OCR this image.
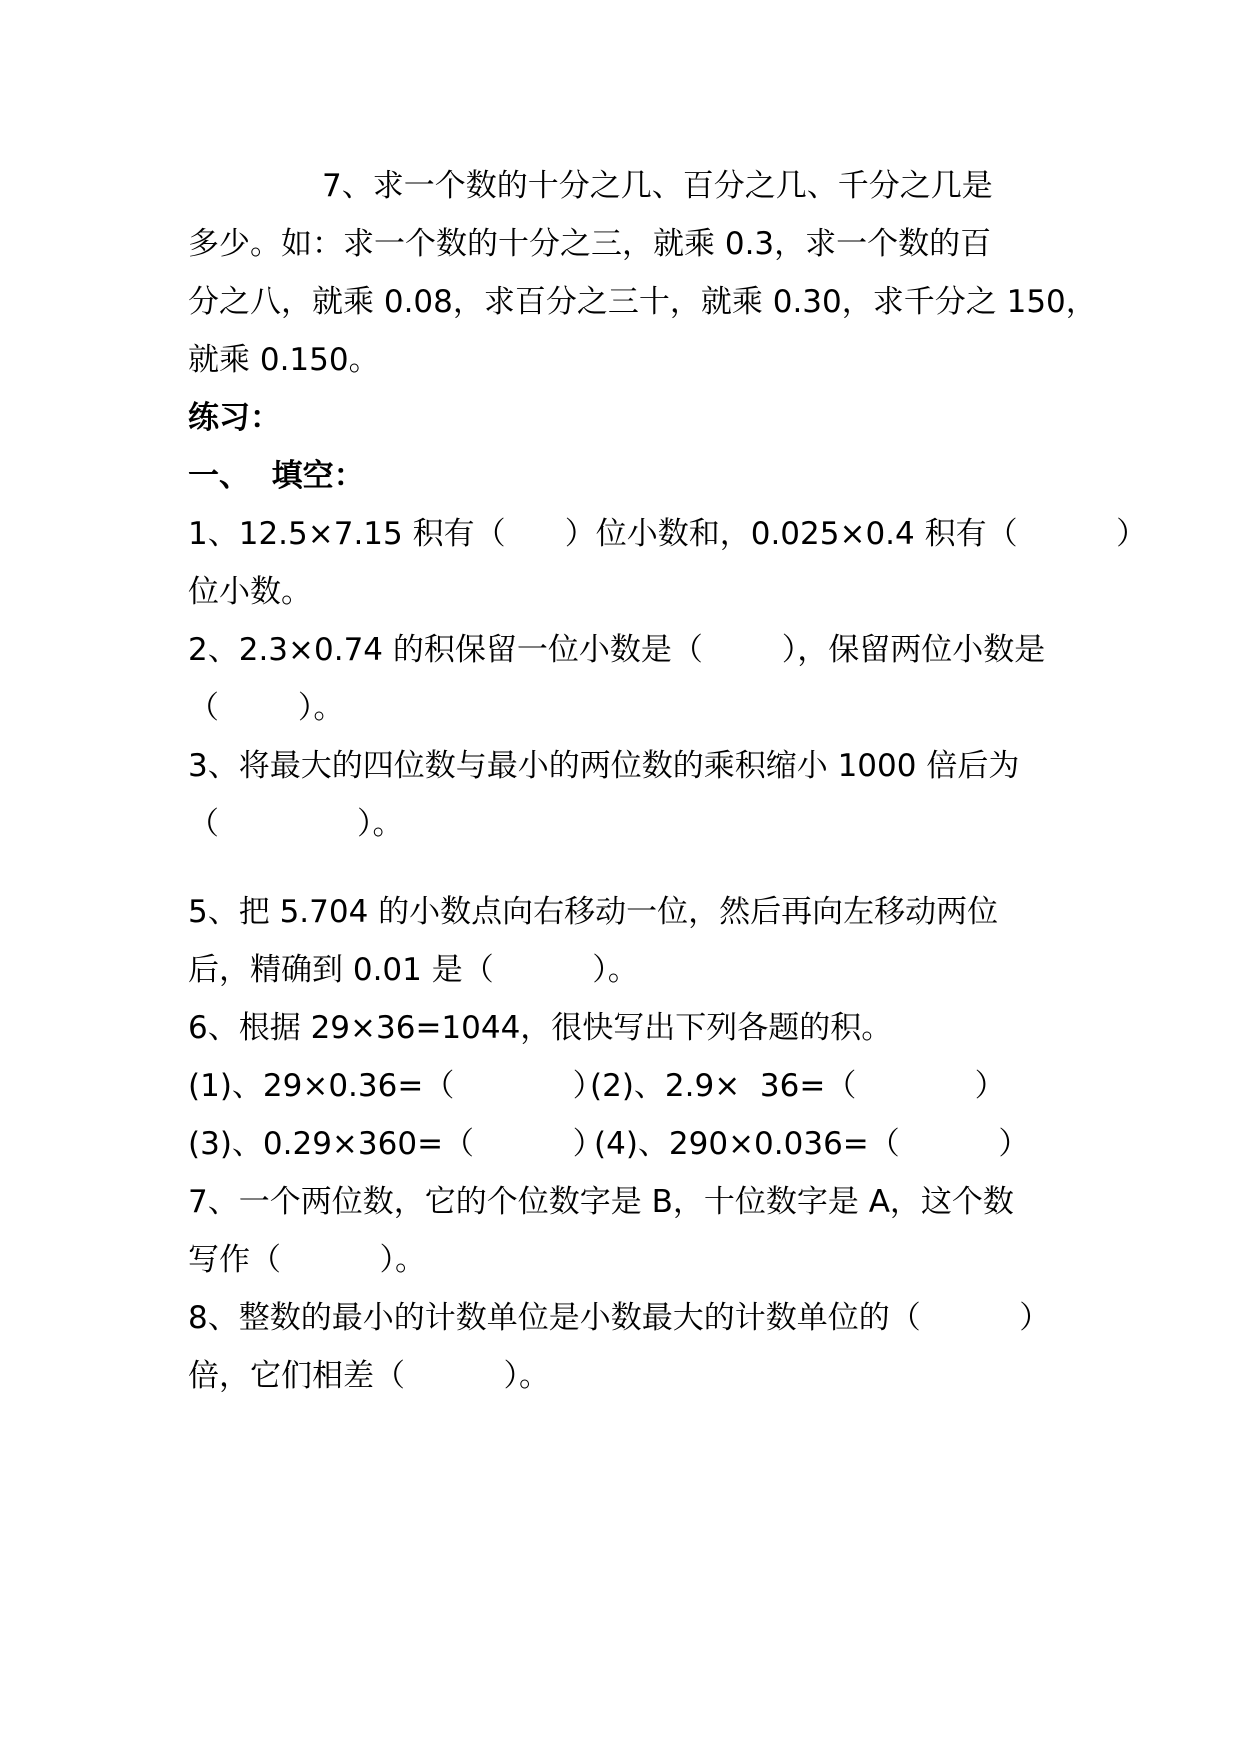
7、求一个数的十分之几、百分之几、千分之几是
多少。如：求一个数的十分之三，就乘 0.3，求一个数的百
分之八，就乘 0.08，求百分之三十，就乘 0.30，求千分之 150，
就乘 0.150。
练习：
一、  填空：
1、12.5×7.15 积有（      ）位小数和，0.025×0.4 积有（          ）
位小数。
2、2.3×0.74 的积保留一位小数是（        ），保留两位小数是
（        ）。
3、将最大的四位数与最小的两位数的乘积缩小 1000 倍后为
（              ）。
5、把 5.704 的小数点向右移动一位，然后再向左移动两位
后，精确到 0.01 是（          ）。
6、根据 29×36=1044，很快写出下列各题的积。
(1)、29×0.36=（            ）
(2)、2.9×  36=（            ）
(3)、0.29×360=（          ）
(4)、290×0.036=（          ）
7、一个两位数，它的个位数字是 B，十位数字是 A，这个数
写作（          ）。
8、整数的最小的计数单位是小数最大的计数单位的（          ）
倍，它们相差（          ）。
